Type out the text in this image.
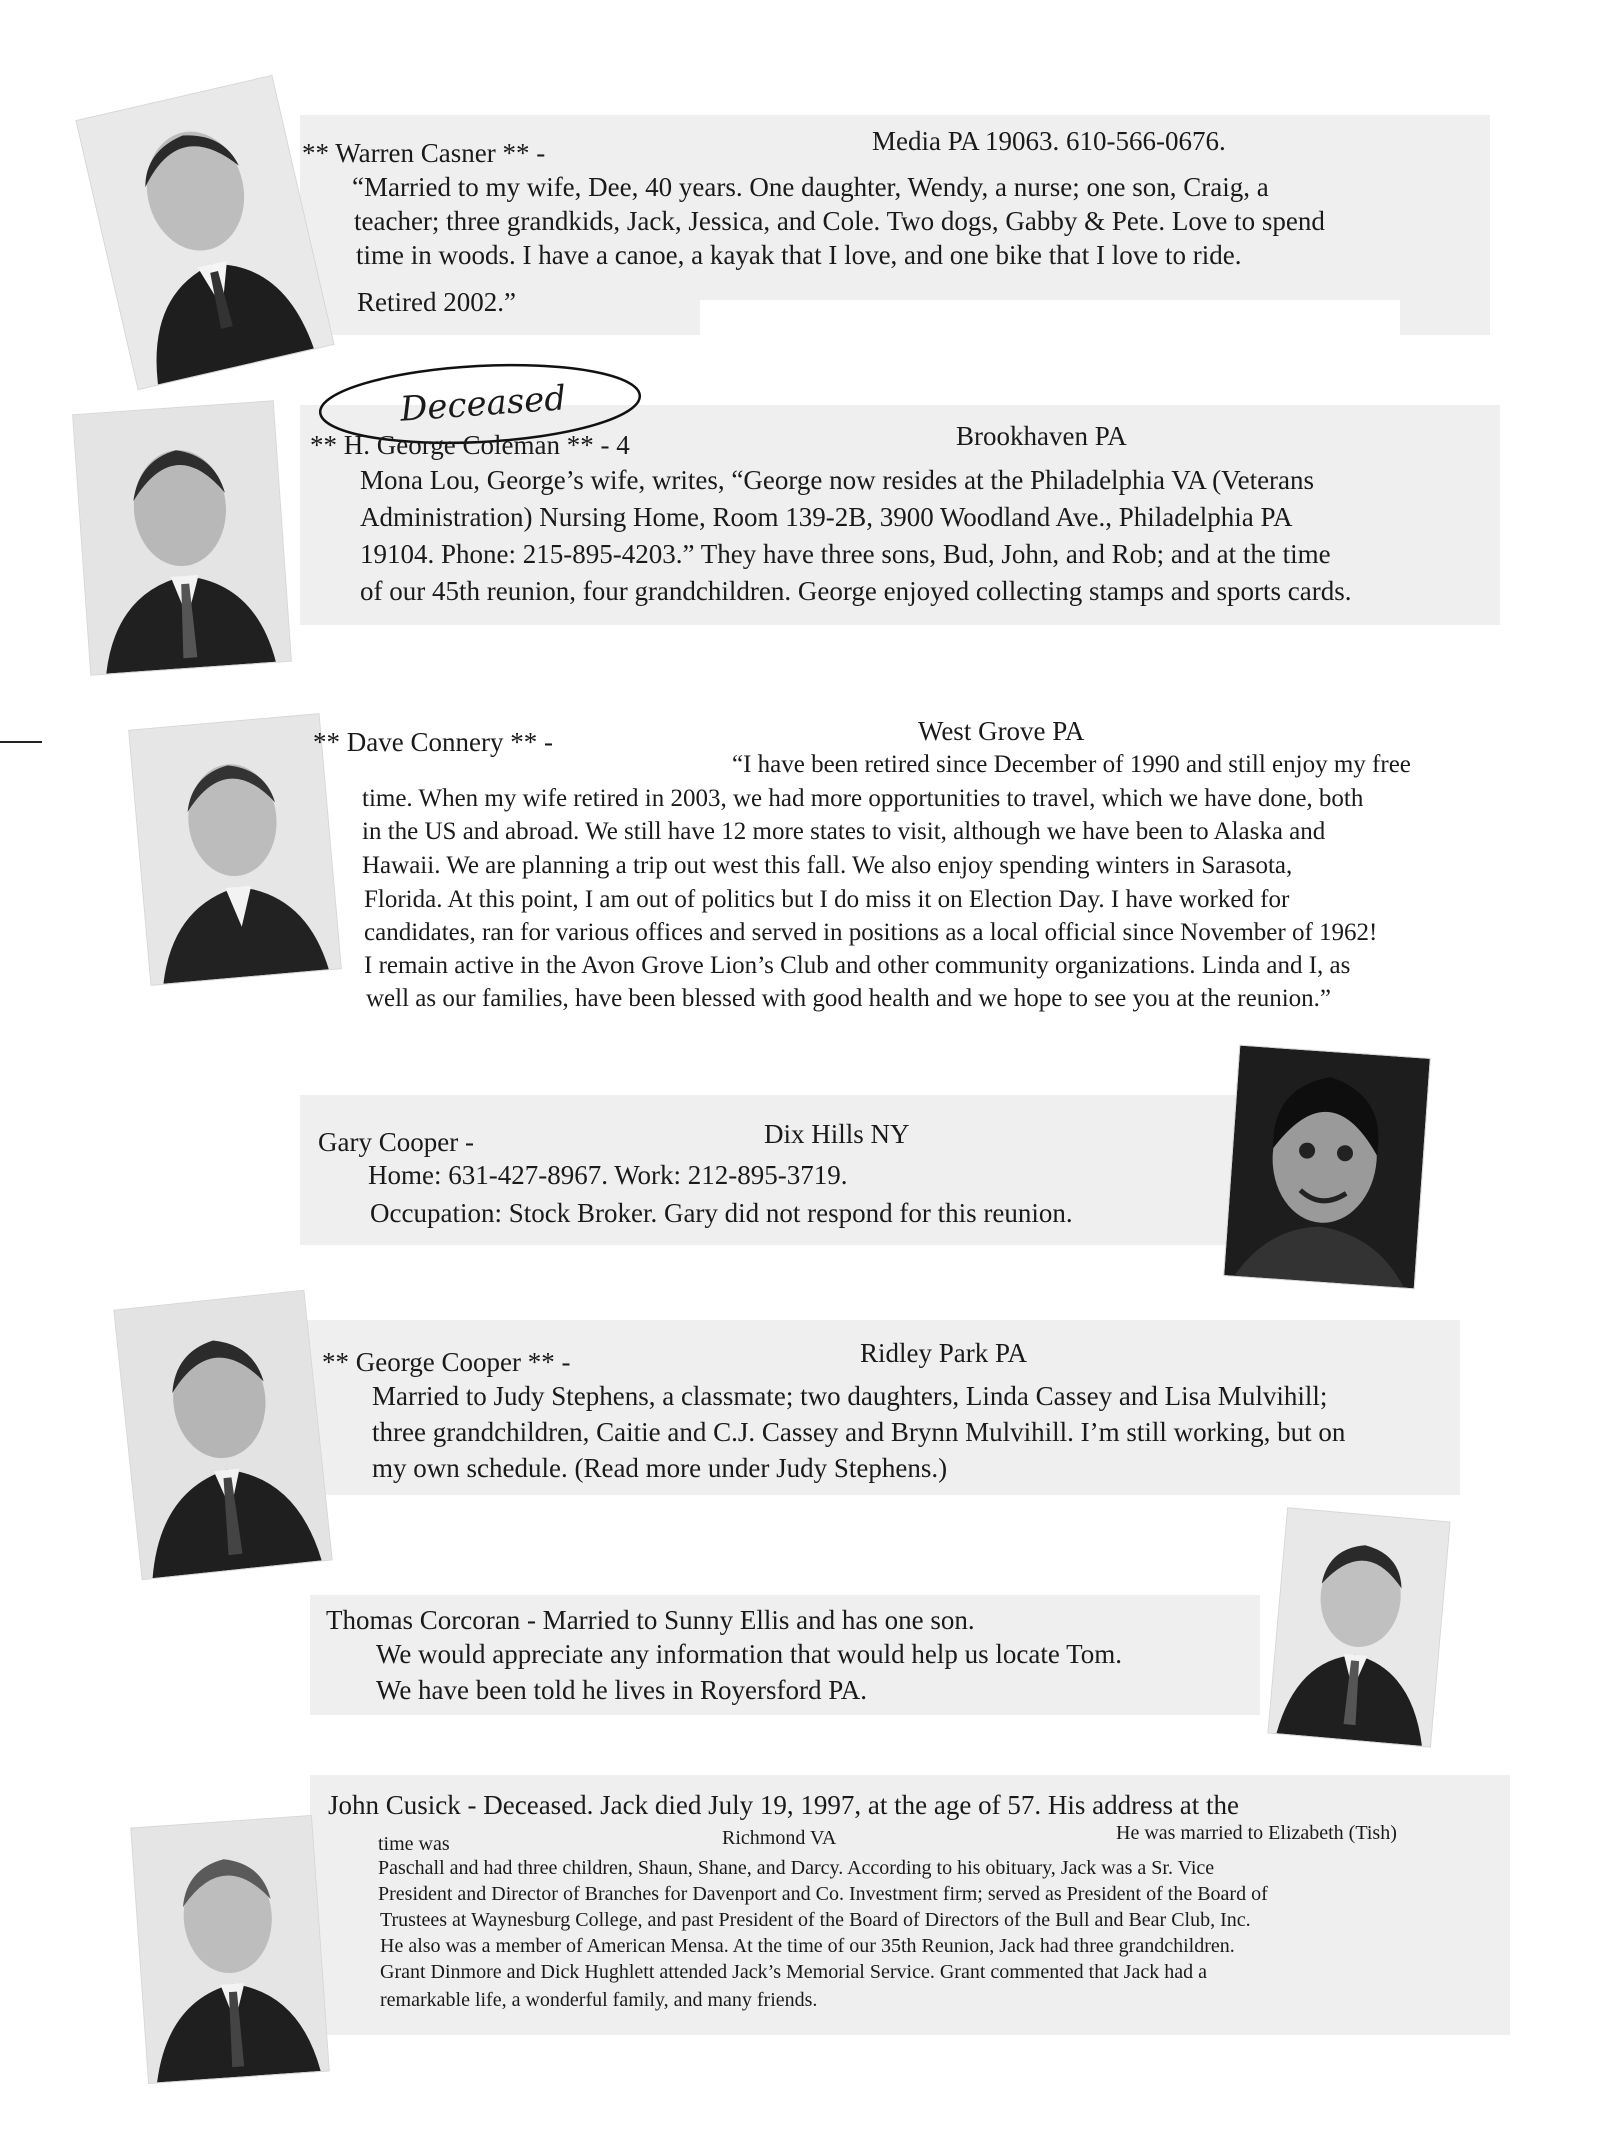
** Warren Casner ** -	Media PA 19063. 610-566-0676.
“Married to my wife, Dee, 40 years. One daughter, Wendy, a nurse; one son, Craig, a
teacher; three grandkids, Jack, Jessica, and Cole. Two dogs, Gabby & Pete. Love to spend
time in woods. I have a canoe, a kayak that I love, and one bike that I love to ride.
Retired 2002.”
Deceased
** H. George Coleman ** - 4	Brookhaven PA
Mona Lou, George’s wife, writes, “George now resides at the Philadelphia VA (Veterans
Administration) Nursing Home, Room 139-2B, 3900 Woodland Ave., Philadelphia PA
19104. Phone: 215-895-4203.” They have three sons, Bud, John, and Rob; and at the time
of our 45th reunion, four grandchildren. George enjoyed collecting stamps and sports cards.
** Dave Connery ** -	West Grove PA
“I have been retired since December of 1990 and still enjoy my free
time. When my wife retired in 2003, we had more opportunities to travel, which we have done, both
in the US and abroad. We still have 12 more states to visit, although we have been to Alaska and
Hawaii. We are planning a trip out west this fall. We also enjoy spending winters in Sarasota,
Florida. At this point, I am out of politics but I do miss it on Election Day. I have worked for
candidates, ran for various offices and served in positions as a local official since November of 1962!
I remain active in the Avon Grove Lion’s Club and other community organizations. Linda and I, as
well as our families, have been blessed with good health and we hope to see you at the reunion.”
Gary Cooper -	Dix Hills NY
Home: 631-427-8967. Work: 212-895-3719.
Occupation: Stock Broker. Gary did not respond for this reunion.
** George Cooper ** -	Ridley Park PA
Married to Judy Stephens, a classmate; two daughters, Linda Cassey and Lisa Mulvihill;
three grandchildren, Caitie and C.J. Cassey and Brynn Mulvihill. I’m still working, but on
my own schedule. (Read more under Judy Stephens.)
Thomas Corcoran - Married to Sunny Ellis and has one son.
We would appreciate any information that would help us locate Tom.
We have been told he lives in Royersford PA.
John Cusick - Deceased. Jack died July 19, 1997, at the age of 57. His address at the
time was	Richmond VA	He was married to Elizabeth (Tish)
Paschall and had three children, Shaun, Shane, and Darcy. According to his obituary, Jack was a Sr. Vice
President and Director of Branches for Davenport and Co. Investment firm; served as President of the Board of
Trustees at Waynesburg College, and past President of the Board of Directors of the Bull and Bear Club, Inc.
He also was a member of American Mensa. At the time of our 35th Reunion, Jack had three grandchildren.
Grant Dinmore and Dick Hughlett attended Jack’s Memorial Service. Grant commented that Jack had a
remarkable life, a wonderful family, and many friends.
